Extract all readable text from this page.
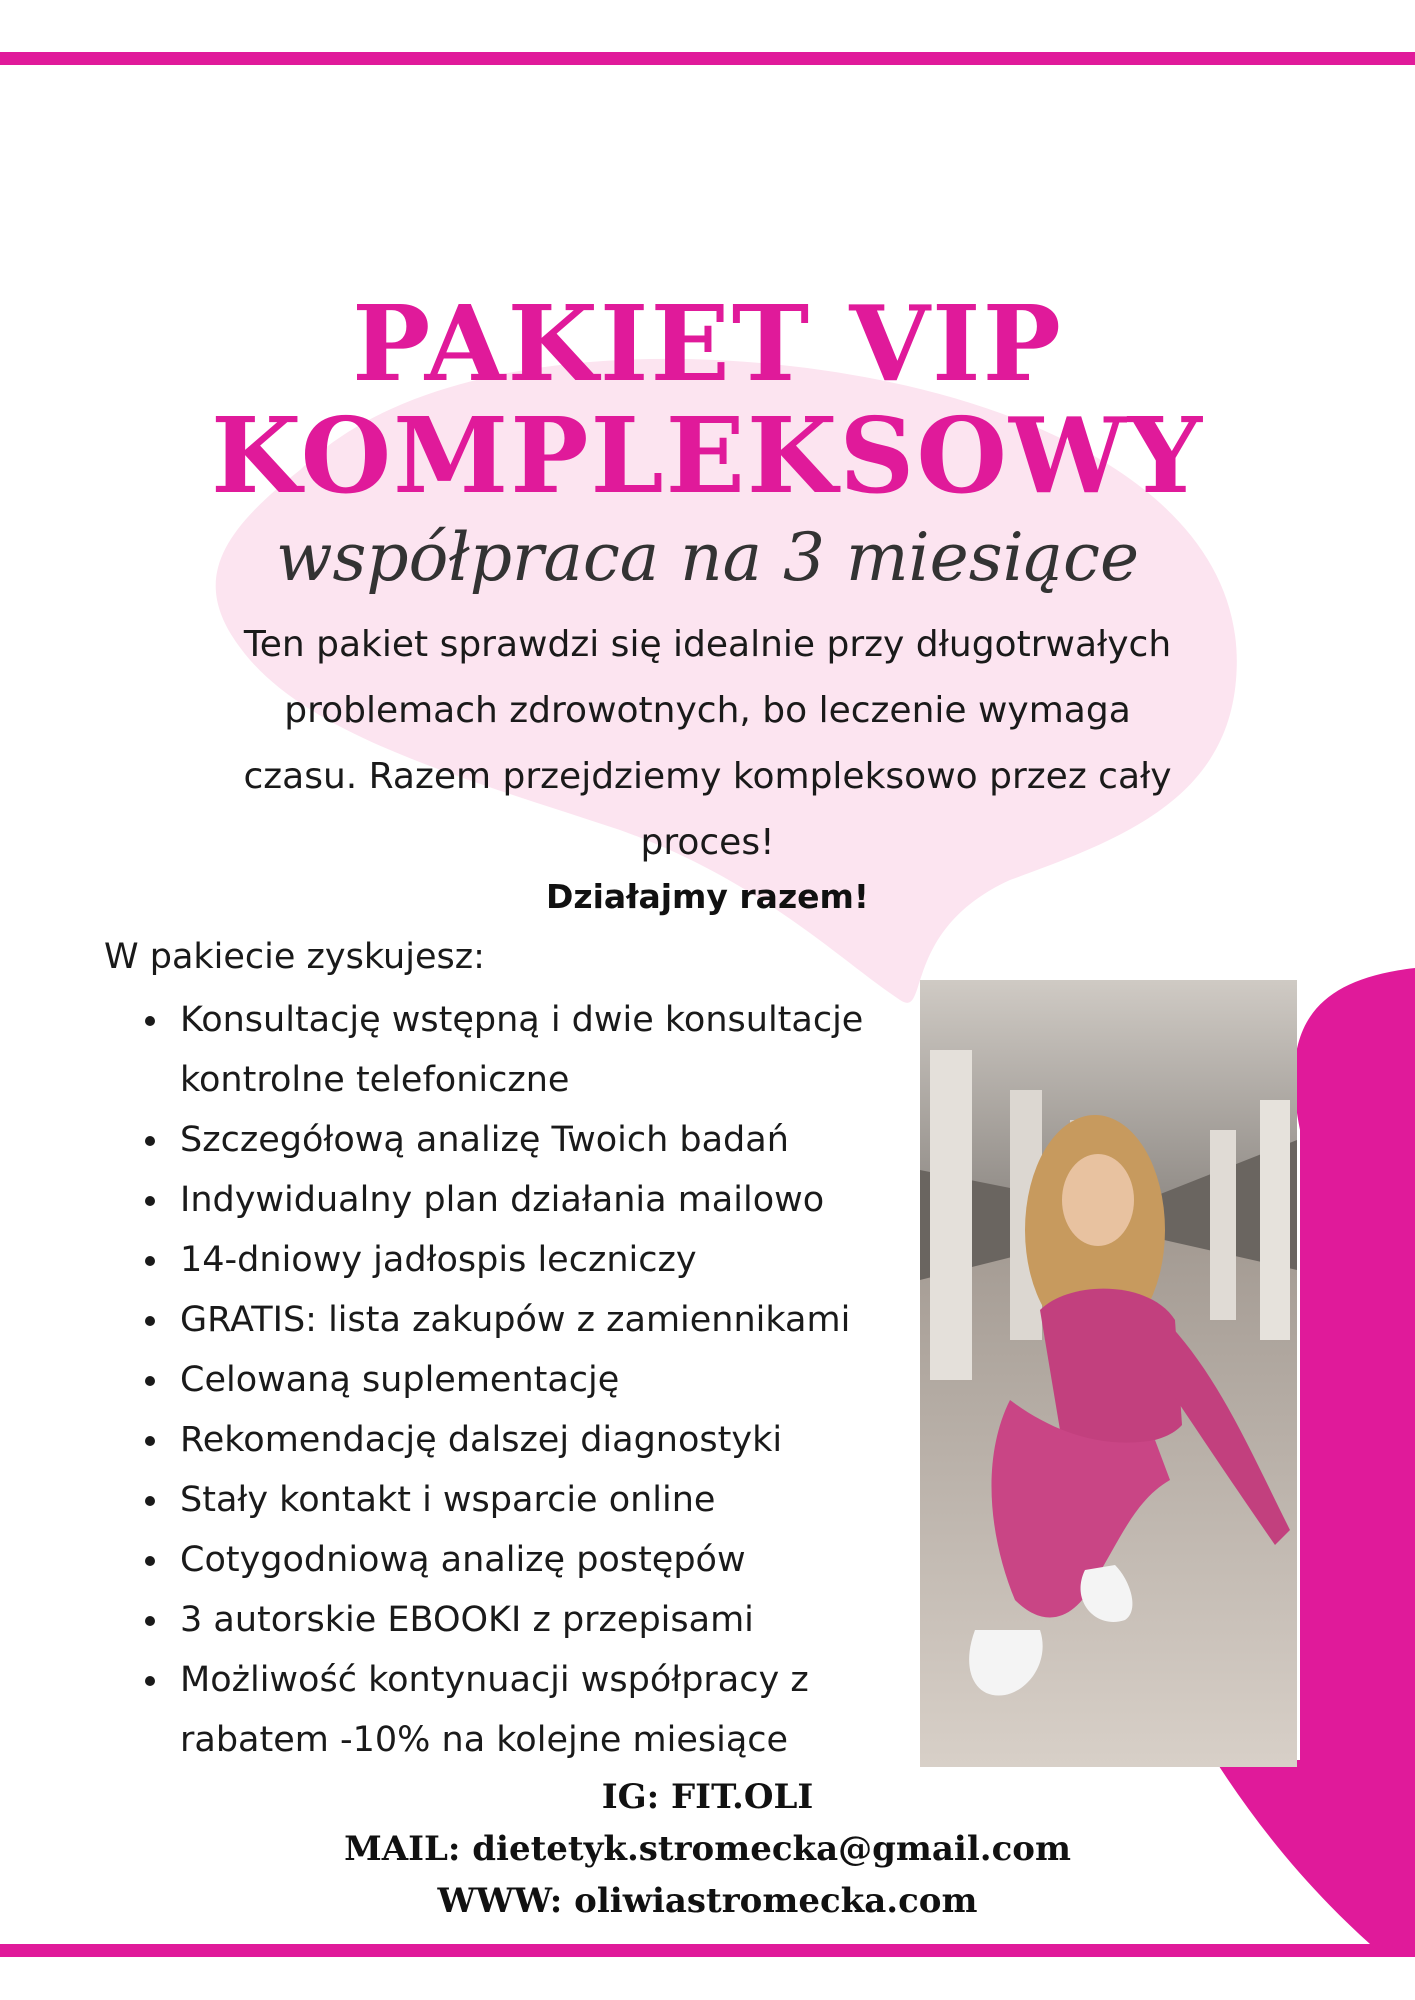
PAKIET VIP
KOMPLEKSOWY
współpraca na 3 miesiące
Ten pakiet sprawdzi się idealnie przy długotrwałych problemach zdrowotnych, bo leczenie wymaga czasu. Razem przejdziemy kompleksowo przez cały proces!
Działajmy razem!
W pakiecie zyskujesz:
• Konsultację wstępną i dwie konsultacje kontrolne telefoniczne
• Szczegółową analizę Twoich badań
• Indywidualny plan działania mailowo
• 14-dniowy jadłospis leczniczy
• GRATIS: lista zakupów z zamiennikami
• Celowaną suplementację
• Rekomendację dalszej diagnostyki
• Stały kontakt i wsparcie online
• Cotygodniową analizę postępów
• 3 autorskie EBOOKI z przepisami
• Możliwość kontynuacji współpracy z rabatem -10% na kolejne miesiące
IG: FIT.OLI
MAIL: dietetyk.stromecka@gmail.com
WWW: oliwiastromecka.com
